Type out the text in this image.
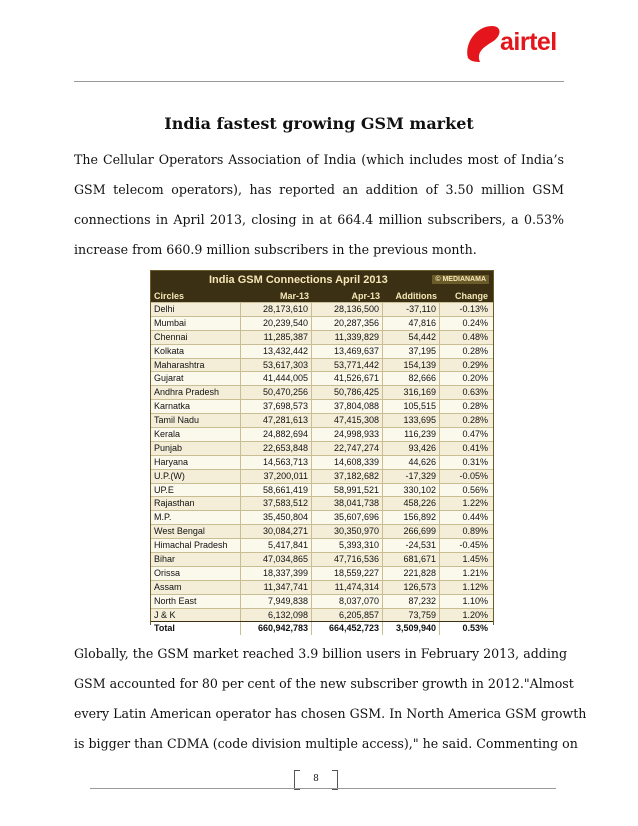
airtel
India fastest growing GSM market

The Cellular Operators Association of India (which includes most of India’s

GSM telecom operators), has reported an addition of 3.50 million GSM

connections in April 2013, closing in at 664.4 million subscribers, a 0.53%

increase from 660.9 million subscribers in the previous month.

India GSM Connections April 2013	© MEDIANAMA
Circles	Mar-13	Apr-13	Additions	Change
Delhi	28,173,610	28,136,500	-37,110	-0.13%
Mumbai	20,239,540	20,287,356	47,816	0.24%
Chennai	11,285,387	11,339,829	54,442	0.48%
Kolkata	13,432,442	13,469,637	37,195	0.28%
Maharashtra	53,617,303	53,771,442	154,139	0.29%
Gujarat	41,444,005	41,526,671	82,666	0.20%
Andhra Pradesh	50,470,256	50,786,425	316,169	0.63%
Karnatka	37,698,573	37,804,088	105,515	0.28%
Tamil Nadu	47,281,613	47,415,308	133,695	0.28%
Kerala	24,882,694	24,998,933	116,239	0.47%
Punjab	22,653,848	22,747,274	93,426	0.41%
Haryana	14,563,713	14,608,339	44,626	0.31%
U.P.(W)	37,200,011	37,182,682	-17,329	-0.05%
UP.E	58,661,419	58,991,521	330,102	0.56%
Rajasthan	37,583,512	38,041,738	458,226	1.22%
M.P.	35,450,804	35,607,696	156,892	0.44%
West Bengal	30,084,271	30,350,970	266,699	0.89%
Himachal Pradesh	5,417,841	5,393,310	-24,531	-0.45%
Bihar	47,034,865	47,716,536	681,671	1.45%
Orissa	18,337,399	18,559,227	221,828	1.21%
Assam	11,347,741	11,474,314	126,573	1.12%
North East	7,949,838	8,037,070	87,232	1.10%
J & K	6,132,098	6,205,857	73,759	1.20%
Total	660,942,783	664,452,723	3,509,940	0.53%

Globally, the GSM market reached 3.9 billion users in February 2013, adding

GSM accounted for 80 per cent of the new subscriber growth in 2012."Almost

every Latin American operator has chosen GSM. In North America GSM growth

is bigger than CDMA (code division multiple access)," he said. Commenting on

8
